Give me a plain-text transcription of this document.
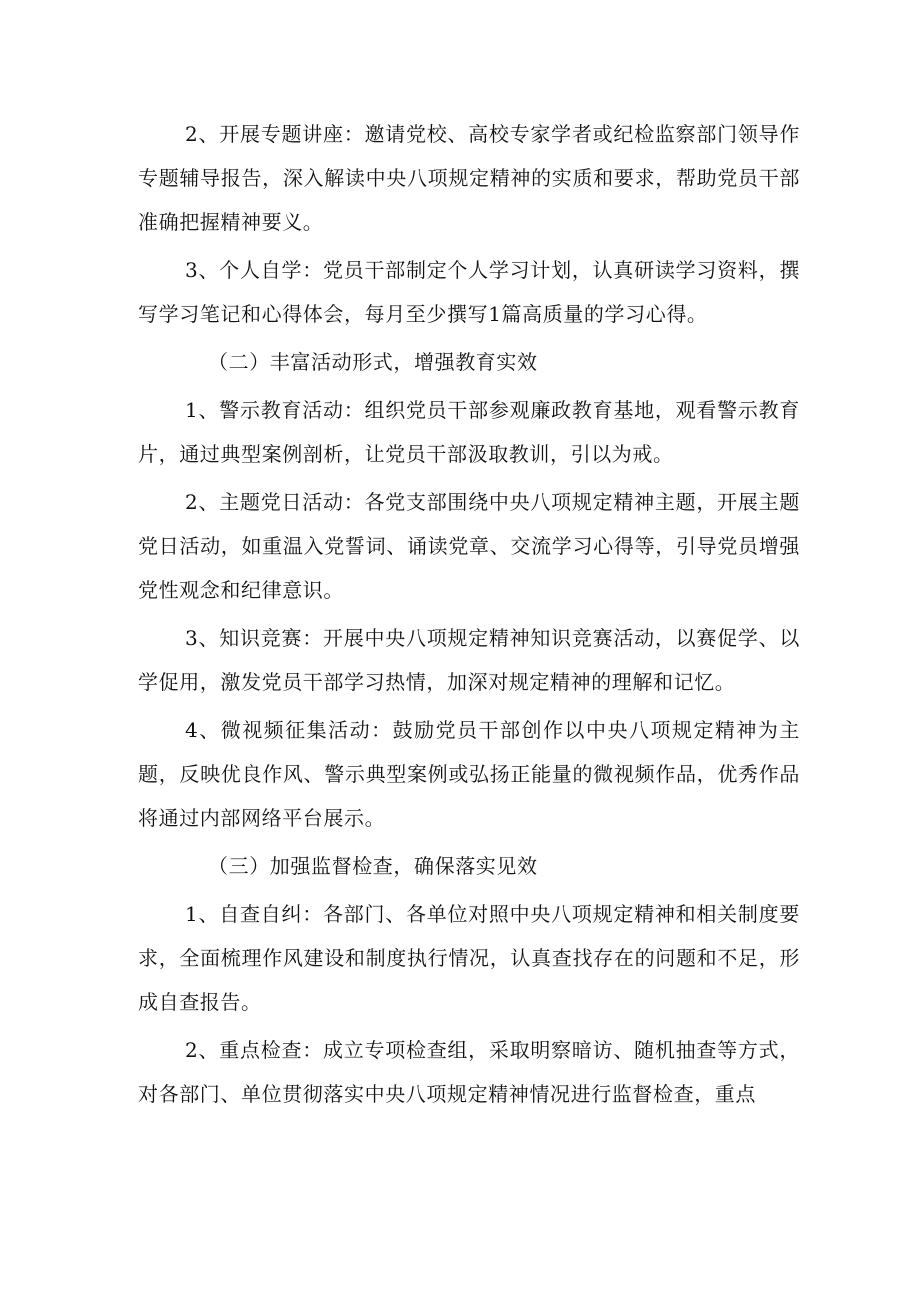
2、开展专题讲座：邀请党校、高校专家学者或纪检监察部门领导作专题辅导报告，深入解读中央八项规定精神的实质和要求，帮助党员干部准确把握精神要义。

3、个人自学：党员干部制定个人学习计划，认真研读学习资料，撰写学习笔记和心得体会，每月至少撰写1篇高质量的学习心得。

（二）丰富活动形式，增强教育实效

1、警示教育活动：组织党员干部参观廉政教育基地，观看警示教育片，通过典型案例剖析，让党员干部汲取教训，引以为戒。

2、主题党日活动：各党支部围绕中央八项规定精神主题，开展主题党日活动，如重温入党誓词、诵读党章、交流学习心得等，引导党员增强党性观念和纪律意识。

3、知识竞赛：开展中央八项规定精神知识竞赛活动，以赛促学、以学促用，激发党员干部学习热情，加深对规定精神的理解和记忆。

4、微视频征集活动：鼓励党员干部创作以中央八项规定精神为主题，反映优良作风、警示典型案例或弘扬正能量的微视频作品，优秀作品将通过内部网络平台展示。

（三）加强监督检查，确保落实见效

1、自查自纠：各部门、各单位对照中央八项规定精神和相关制度要求，全面梳理作风建设和制度执行情况，认真查找存在的问题和不足，形成自查报告。

2、重点检查：成立专项检查组，采取明察暗访、随机抽查等方式，对各部门、单位贯彻落实中央八项规定精神情况进行监督检查，重点
